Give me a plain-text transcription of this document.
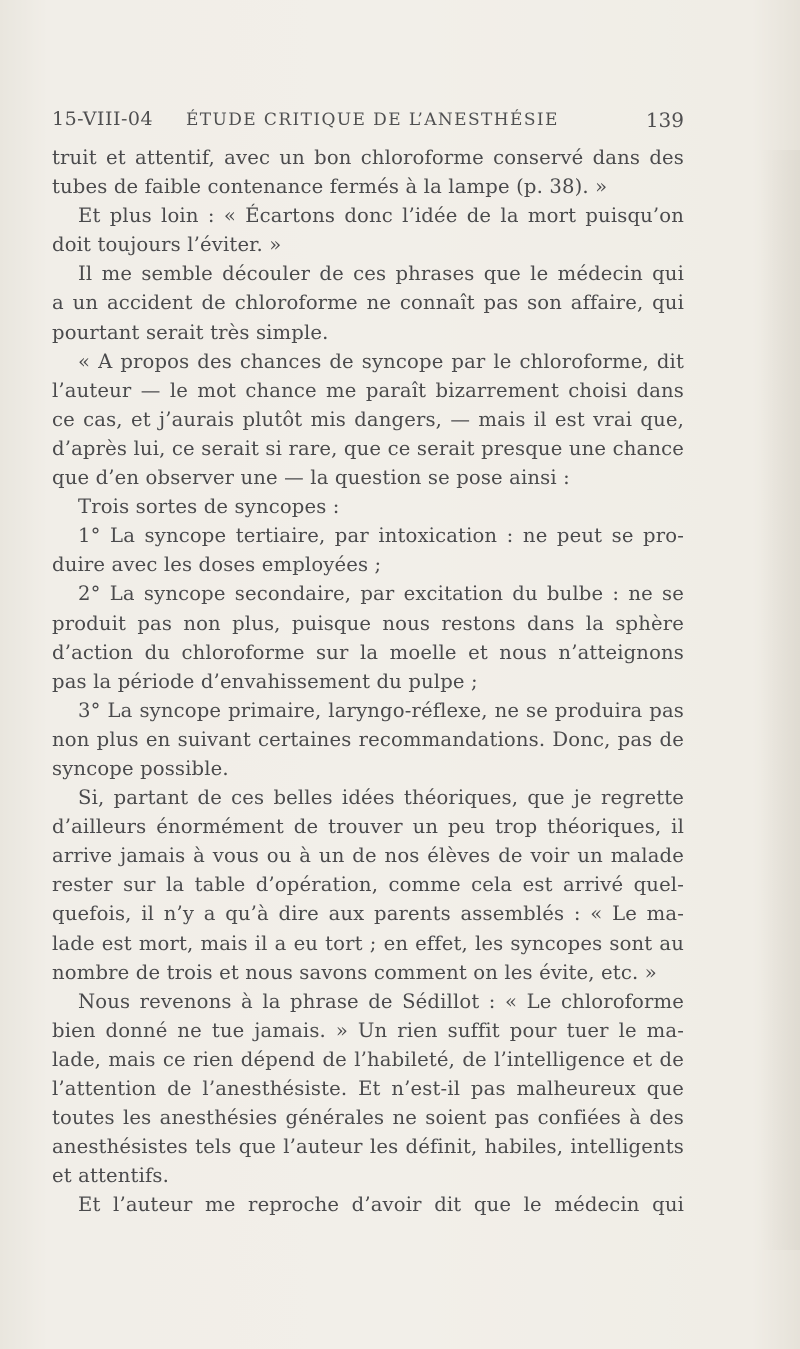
15-VIII-04 ÉTUDE CRITIQUE DE L’ANESTHÉSIE	139
truit et attentif, avec un bon chloroforme conservé dans des
tubes de faible contenance fermés à la lampe (p. 38). »
Et plus loin : « Écartons donc l’idée de la mort puisqu’on
doit toujours l’éviter. »
Il me semble découler de ces phrases que le médecin qui
a un accident de chloroforme ne connaît pas son affaire, qui
pourtant serait très simple.
« A propos des chances de syncope par le chloroforme, dit
l’auteur — le mot chance me paraît bizarrement choisi dans
ce cas, et j’aurais plutôt mis dangers, — mais il est vrai que,
d’après lui, ce serait si rare, que ce serait presque une chance
que d’en observer une — la question se pose ainsi :
Trois sortes de syncopes :
1° La syncope tertiaire, par intoxication : ne peut se pro-
duire avec les doses employées ;
2° La syncope secondaire, par excitation du bulbe : ne se
produit pas non plus, puisque nous restons dans la sphère
d’action du chloroforme sur la moelle et nous n’atteignons
pas la période d’envahissement du pulpe ;
3° La syncope primaire, laryngo-réflexe, ne se produira pas
non plus en suivant certaines recommandations. Donc, pas de
syncope possible.
Si, partant de ces belles idées théoriques, que je regrette
d’ailleurs énormément de trouver un peu trop théoriques, il
arrive jamais à vous ou à un de nos élèves de voir un malade
rester sur la table d’opération, comme cela est arrivé quel-
quefois, il n’y a qu’à dire aux parents assemblés : « Le ma-
lade est mort, mais il a eu tort ; en effet, les syncopes sont au
nombre de trois et nous savons comment on les évite, etc. »
Nous revenons à la phrase de Sédillot : « Le chloroforme
bien donné ne tue jamais. » Un rien suffit pour tuer le ma-
lade, mais ce rien dépend de l’habileté, de l’intelligence et de
l’attention de l’anesthésiste. Et n’est-il pas malheureux que
toutes les anesthésies générales ne soient pas confiées à des
anesthésistes tels que l’auteur les définit, habiles, intelligents
et attentifs.
Et l’auteur me reproche d’avoir dit que le médecin qui
